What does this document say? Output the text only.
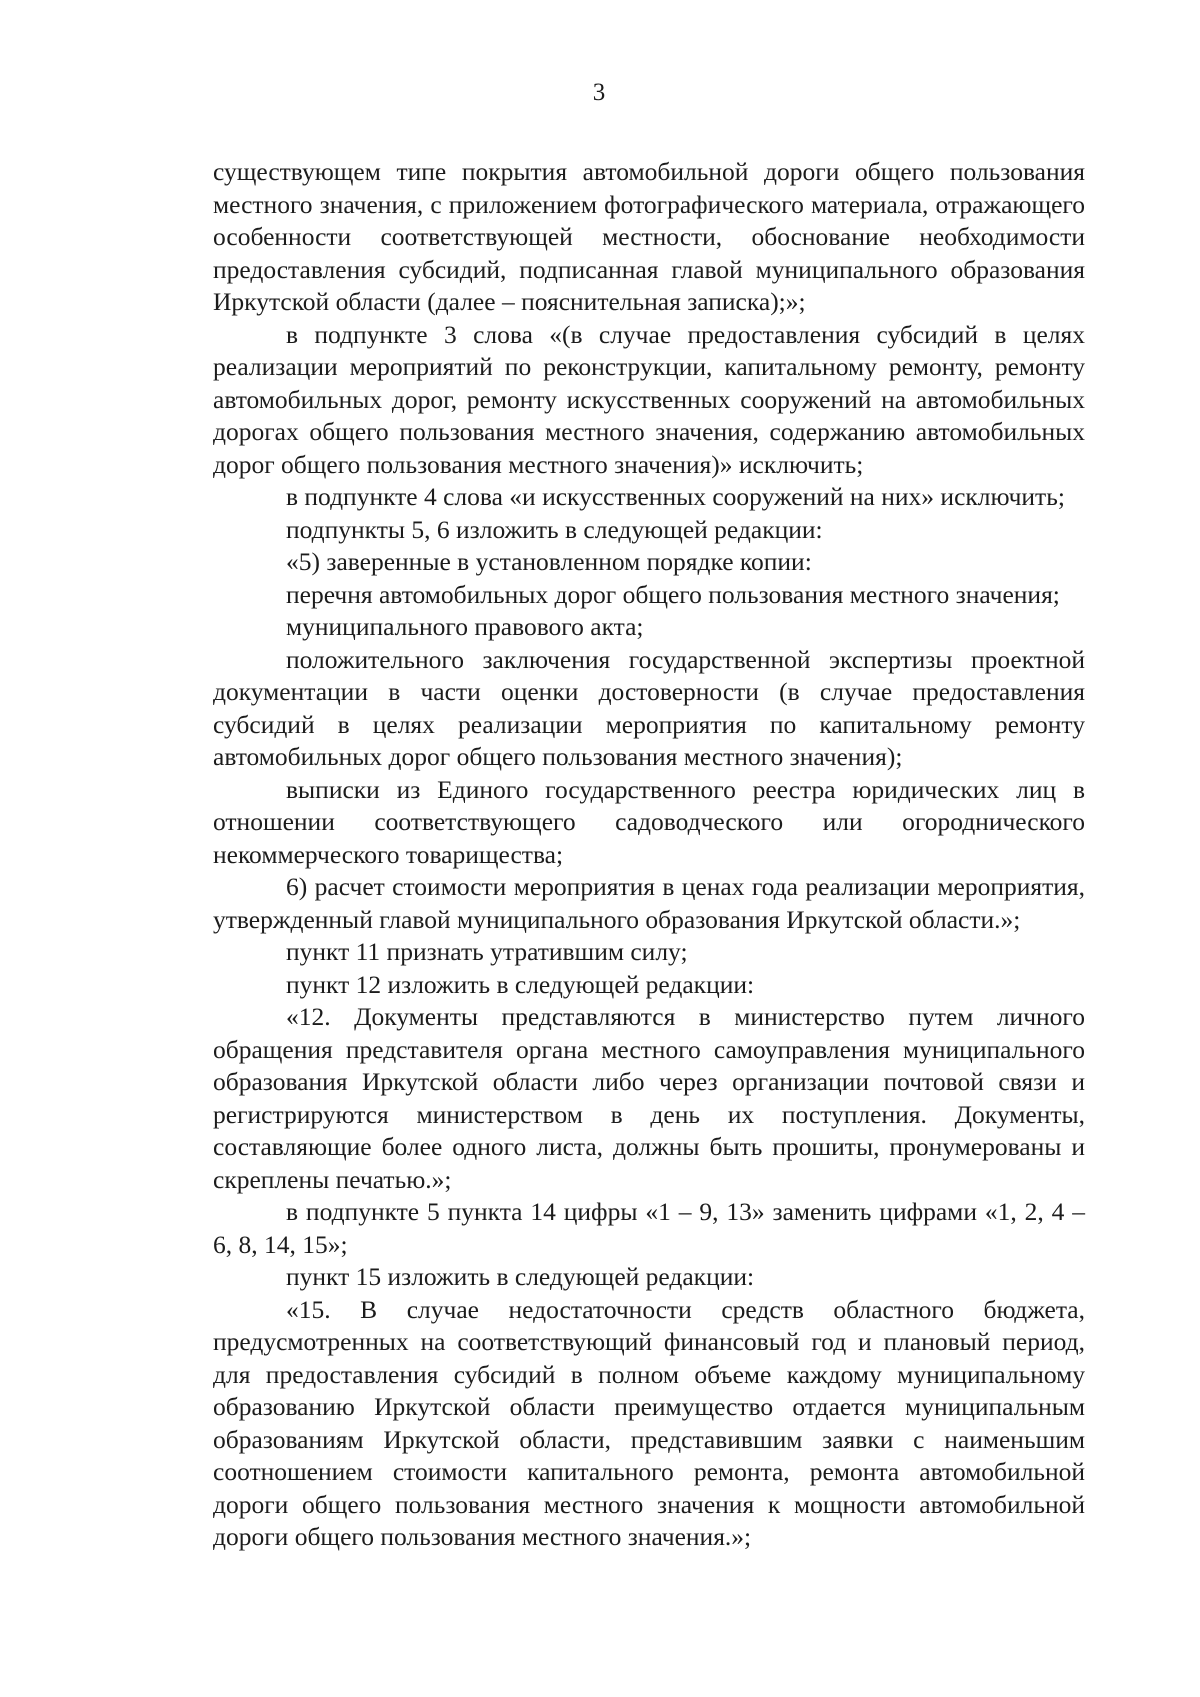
3

существующем типе покрытия автомобильной дороги общего пользования местного значения, с приложением фотографического материала, отражающего особенности соответствующей местности, обоснование необходимости предоставления субсидий, подписанная главой муниципального образования Иркутской области (далее – пояснительная записка);»;

в подпункте 3 слова «(в случае предоставления субсидий в целях реализации мероприятий по реконструкции, капитальному ремонту, ремонту автомобильных дорог, ремонту искусственных сооружений на автомобильных дорогах общего пользования местного значения, содержанию автомобильных дорог общего пользования местного значения)» исключить;

в подпункте 4 слова «и искусственных сооружений на них» исключить;

подпункты 5, 6 изложить в следующей редакции:

«5) заверенные в установленном порядке копии:

перечня автомобильных дорог общего пользования местного значения;

муниципального правового акта;

положительного заключения государственной экспертизы проектной документации в части оценки достоверности (в случае предоставления субсидий в целях реализации мероприятия по капитальному ремонту автомобильных дорог общего пользования местного значения);

выписки из Единого государственного реестра юридических лиц в отношении соответствующего садоводческого или огороднического некоммерческого товарищества;

6) расчет стоимости мероприятия в ценах года реализации мероприятия, утвержденный главой муниципального образования Иркутской области.»;

пункт 11 признать утратившим силу;

пункт 12 изложить в следующей редакции:

«12. Документы представляются в министерство путем личного обращения представителя органа местного самоуправления муниципального образования Иркутской области либо через организации почтовой связи и регистрируются министерством в день их поступления. Документы, составляющие более одного листа, должны быть прошиты, пронумерованы и скреплены печатью.»;

в подпункте 5 пункта 14 цифры «1 – 9, 13» заменить цифрами «1, 2, 4 – 6, 8, 14, 15»;

пункт 15 изложить в следующей редакции:

«15. В случае недостаточности средств областного бюджета, предусмотренных на соответствующий финансовый год и плановый период, для предоставления субсидий в полном объеме каждому муниципальному образованию Иркутской области преимущество отдается муниципальным образованиям Иркутской области, представившим заявки с наименьшим соотношением стоимости капитального ремонта, ремонта автомобильной дороги общего пользования местного значения к мощности автомобильной дороги общего пользования местного значения.»;
